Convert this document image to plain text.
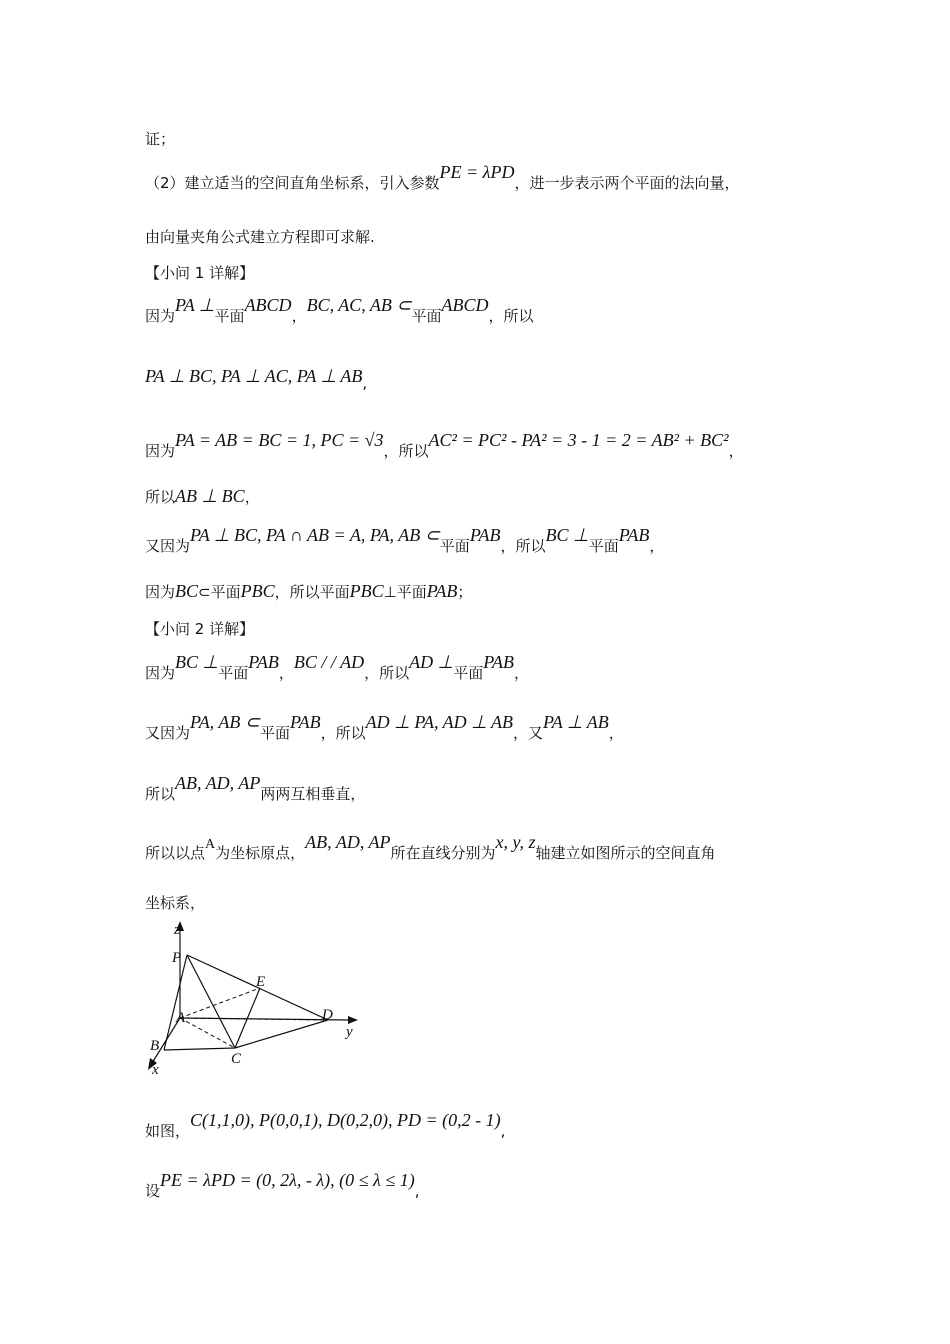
证；
（2）建立适当的空间直角坐标系，引入参数PE = λPD，进一步表示两个平面的法向量，
由向量夹角公式建立方程即可求解.
【小问 1 详解】
因为PA ⊥平面ABCD，BC, AC, AB ⊂平面ABCD，所以
PA ⊥ BC, PA ⊥ AC, PA ⊥ AB,
因为PA = AB = BC = 1, PC = √3，所以AC² = PC² - PA² = 3 - 1 = 2 = AB² + BC²，
所以AB ⊥ BC，
又因为PA ⊥ BC, PA ∩ AB = A, PA, AB ⊂平面PAB，所以BC ⊥平面PAB，
因为BC⊂平面PBC，所以平面PBC⊥平面PAB；
【小问 2 详解】
因为BC ⊥平面PAB，BC / / AD，所以AD ⊥平面PAB，
又因为PA, AB ⊂平面PAB，所以AD ⊥ PA, AD ⊥ AB，又PA ⊥ AB，
所以AB, AD, AP两两互相垂直，
所以以点A为坐标原点，AB, AD, AP所在直线分别为x, y, z轴建立如图所示的空间直角
坐标系，
z
P
E
A	D
y
B
C
x
如图，C(1,1,0), P(0,0,1), D(0,2,0), PD = (0,2 - 1),
设PE = λPD = (0, 2λ, - λ), (0 ≤ λ ≤ 1),
